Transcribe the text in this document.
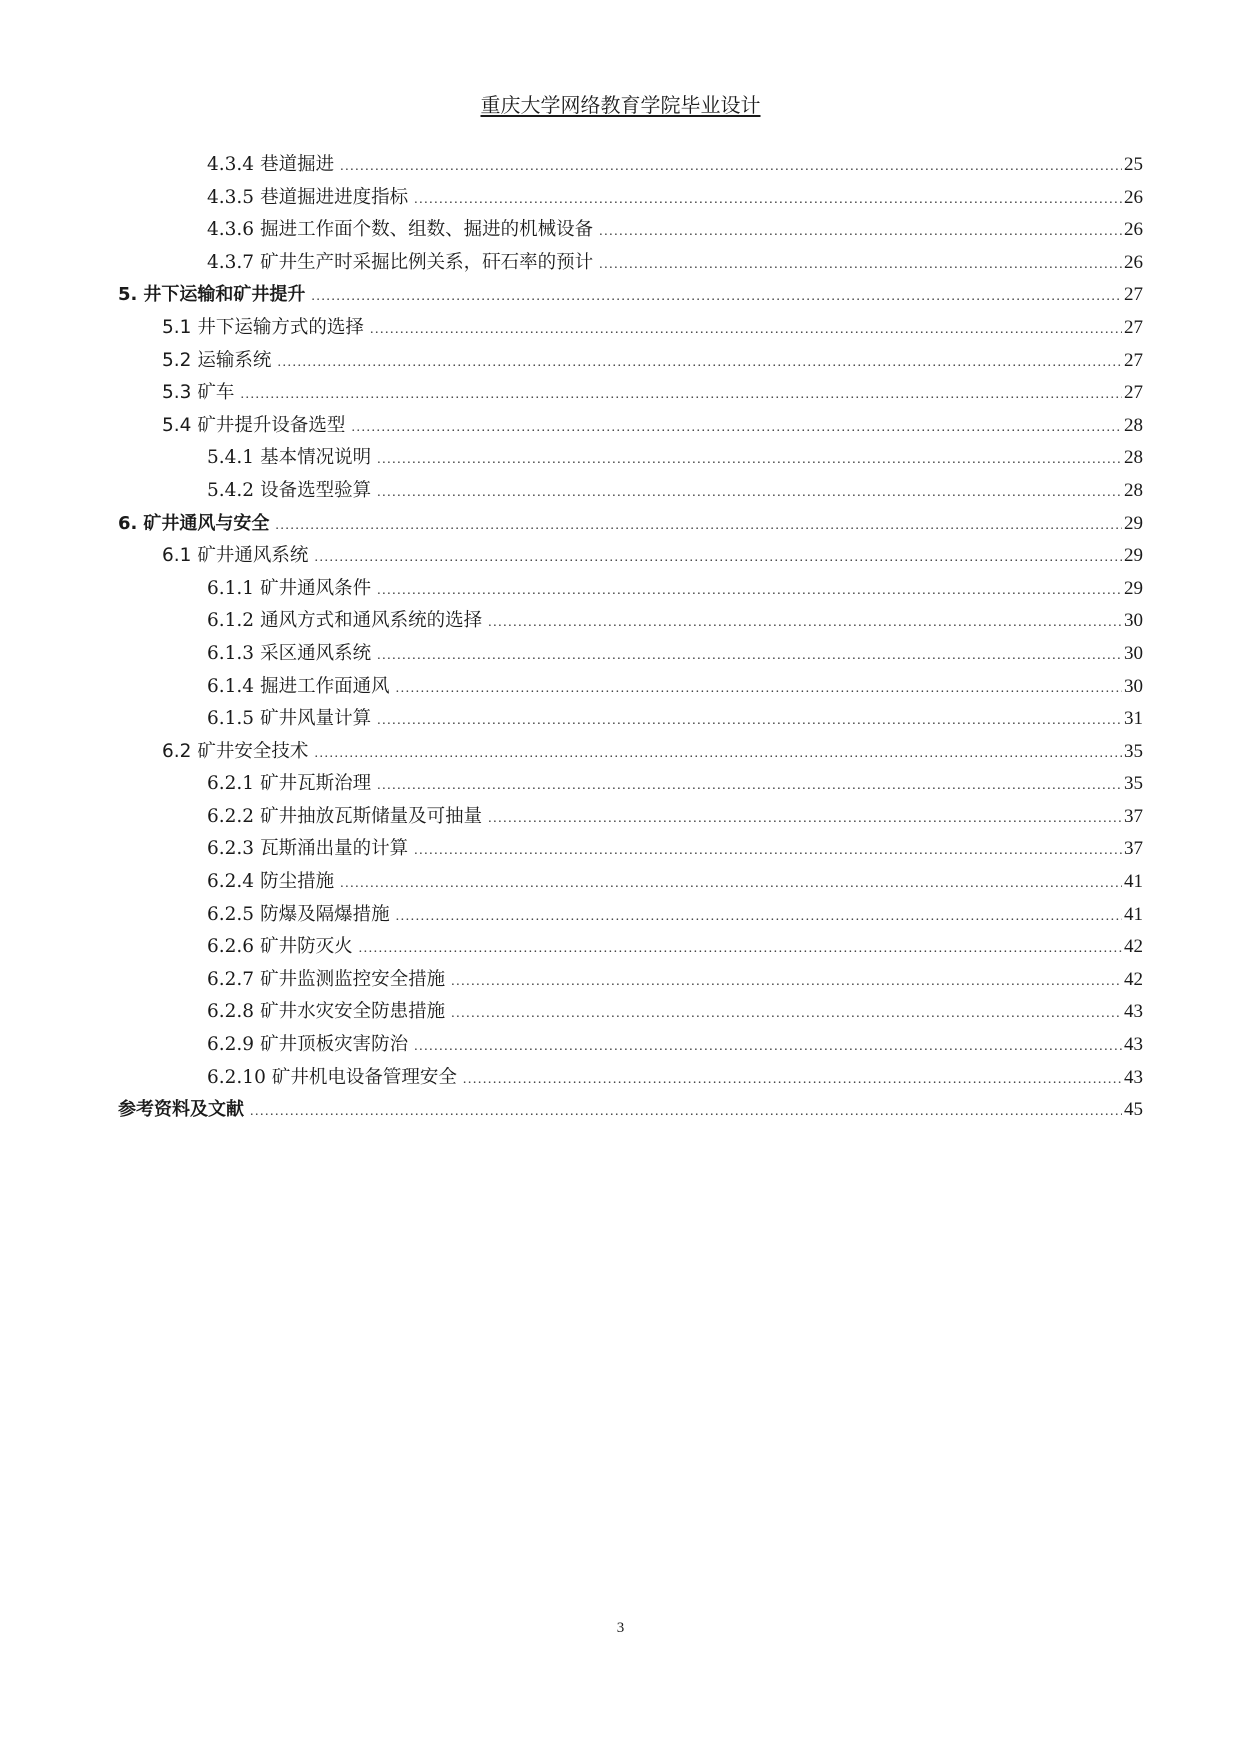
重庆大学网络教育学院毕业设计
4.3.4 巷道掘进 .....	25
4.3.5 巷道掘进进度指标 .....	26
4.3.6 掘进工作面个数、组数、掘进的机械设备 .....	26
4.3.7 矿井生产时采掘比例关系，矸石率的预计 .....	26
5. 井下运输和矿井提升 .....	27
5.1 井下运输方式的选择 .....	27
5.2 运输系统 .....	27
5.3 矿车 .....	27
5.4 矿井提升设备选型 .....	28
5.4.1 基本情况说明 .....	28
5.4.2 设备选型验算 .....	28
6. 矿井通风与安全 .....	29
6.1 矿井通风系统 .....	29
6.1.1 矿井通风条件 .....	29
6.1.2 通风方式和通风系统的选择 .....	30
6.1.3 采区通风系统 .....	30
6.1.4 掘进工作面通风 .....	30
6.1.5 矿井风量计算 .....	31
6.2 矿井安全技术 .....	35
6.2.1 矿井瓦斯治理 .....	35
6.2.2 矿井抽放瓦斯储量及可抽量 .....	37
6.2.3 瓦斯涌出量的计算 .....	37
6.2.4 防尘措施 .....	41
6.2.5 防爆及隔爆措施 .....	41
6.2.6 矿井防灭火 .....	42
6.2.7 矿井监测监控安全措施 .....	42
6.2.8 矿井水灾安全防患措施 .....	43
6.2.9 矿井顶板灾害防治 .....	43
6.2.10 矿井机电设备管理安全 .....	43
参考资料及文献 .....	45
3
